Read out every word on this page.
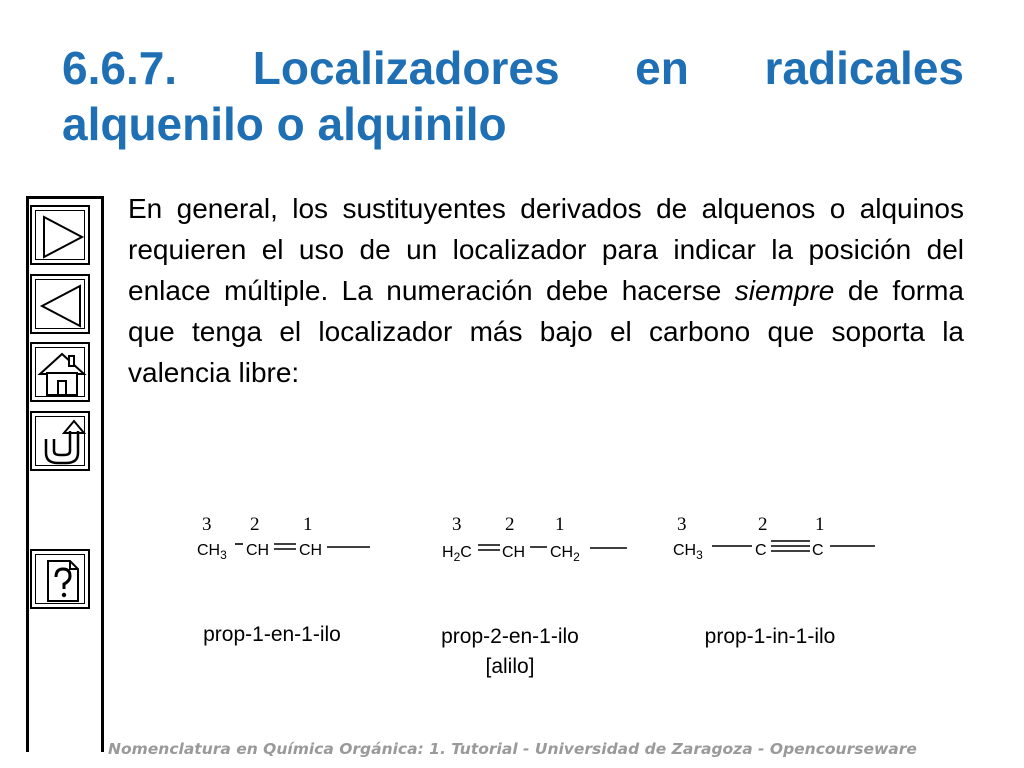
6.6.7. Localizadores en radicales
alquenilo o alquinilo

En general, los sustituyentes derivados de alquenos o alquinos requieren el uso de un localizador para indicar la posición del enlace múltiple. La numeración debe hacerse siempre de forma que tenga el localizador más bajo el carbono que soporta la valencia libre:

3 2 1
$CH_3$ CH CH
3 2 1
$H_2C$ CH $CH_2$
3	2	1
$CH_3$	C	C
prop-1-en-1-ilo	prop-2-en-1-ilo
[alilo]
prop-1-in-1-ilo
Nomenclatura en Química Orgánica: 1. Tutorial - Universidad de Zaragoza - Opencourseware
